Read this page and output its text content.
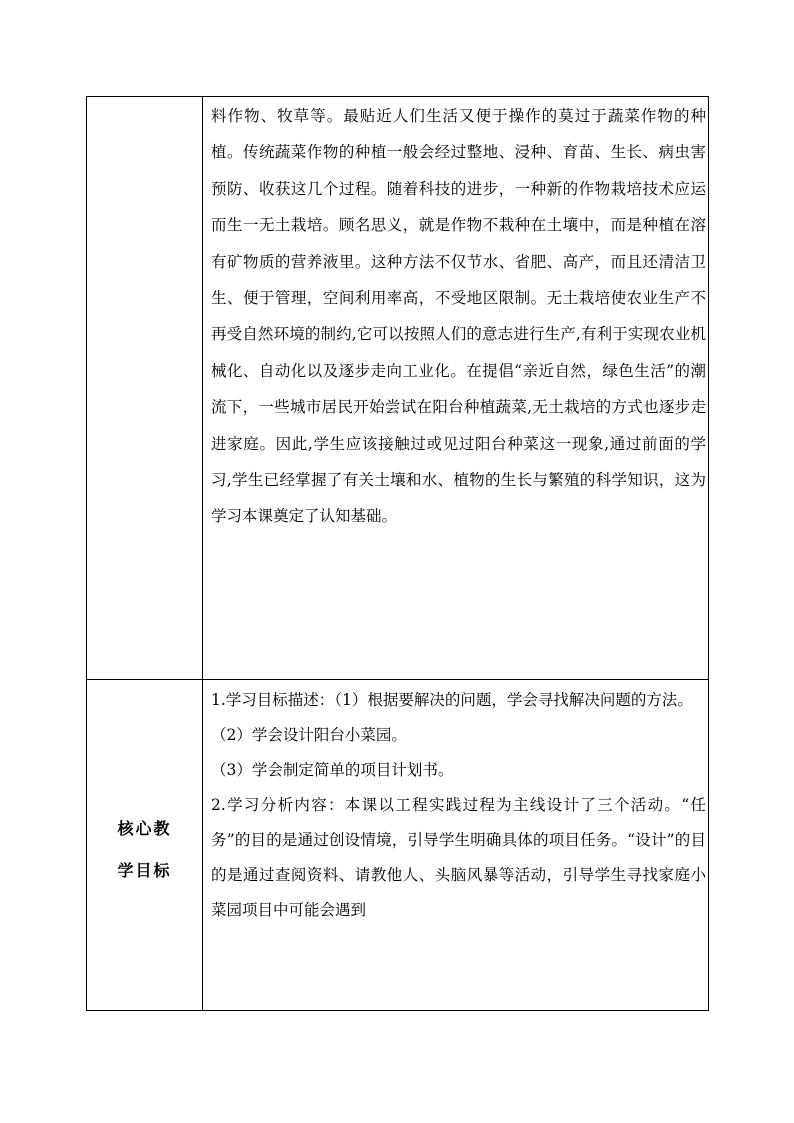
	料作物、牧草等。最贴近人们生活又便于操作的莫过于蔬菜作物的种植。传统蔬菜作物的种植一般会经过整地、浸种、育苗、生长、病虫害预防、收获这几个过程。随着科技的进步，一种新的作物栽培技术应运而生一无土栽培。顾名思义，就是作物不栽种在土壤中，而是种植在溶有矿物质的营养液里。这种方法不仅节水、省肥、高产，而且还清洁卫生、便于管理，空间利用率高，不受地区限制。无土栽培使农业生产不再受自然环境的制约,它可以按照人们的意志进行生产,有利于实现农业机械化、自动化以及逐步走向工业化。在提倡“亲近自然，绿色生活”的潮流下，一些城市居民开始尝试在阳台种植蔬菜,无土栽培的方式也逐步走进家庭。因此,学生应该接触过或见过阳台种菜这一现象,通过前面的学习,学生已经掌握了有关土壤和水、植物的生长与繁殖的科学知识，这为学习本课奠定了认知基础。

核心教学目标	1.学习目标描述：（1）根据要解决的问题，学会寻找解决问题的方法。

（2）学会设计阳台小菜园。

（3）学会制定简单的项目计划书。

2.学习分析内容：本课以工程实践过程为主线设计了三个活动。“任务”的目的是通过创设情境，引导学生明确具体的项目任务。“设计”的目的是通过查阅资料、请教他人、头脑风暴等活动，引导学生寻找家庭小菜园项目中可能会遇到
